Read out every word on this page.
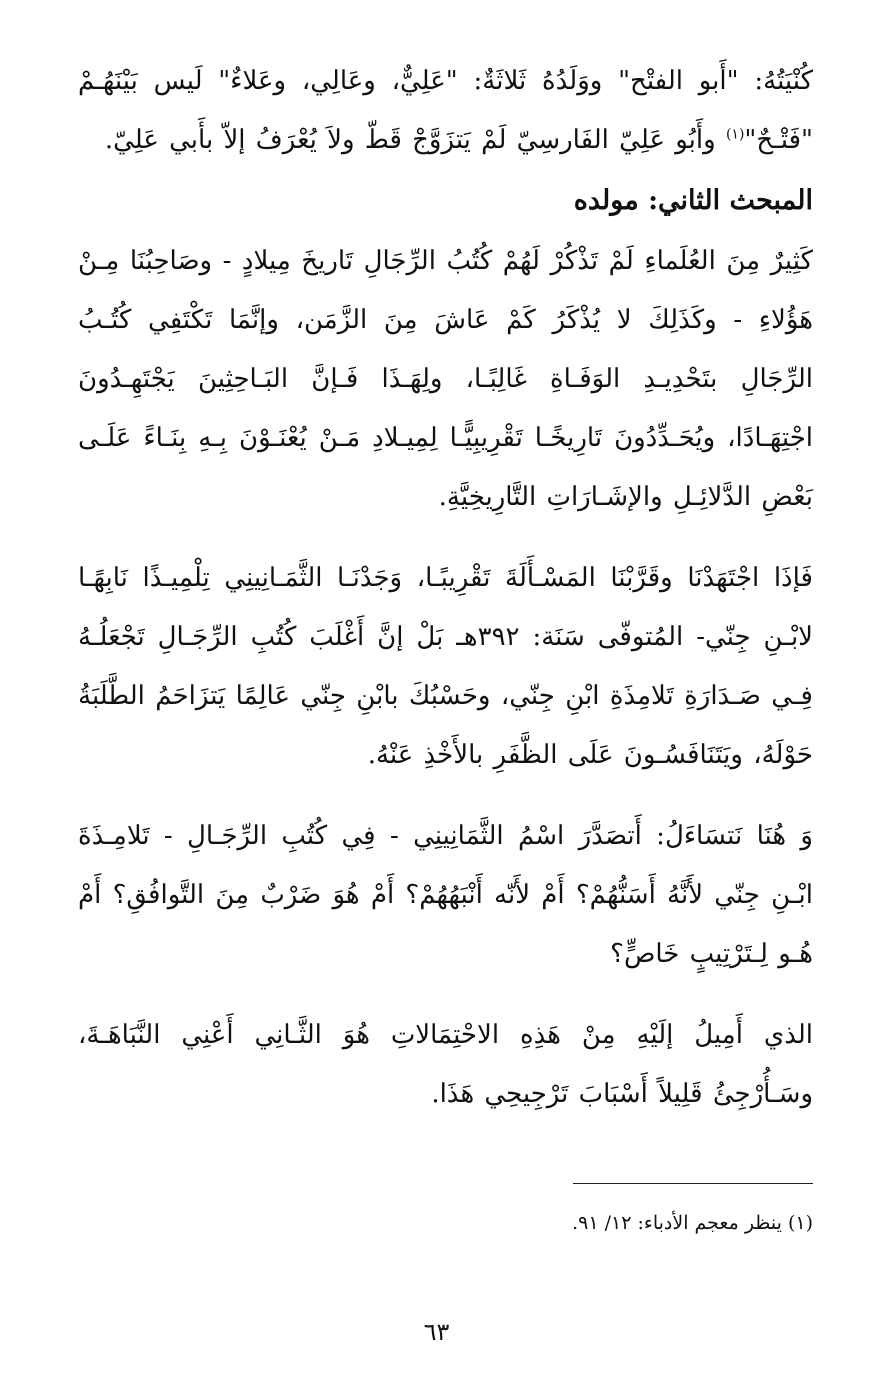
كُنْيَتُهُ: "أَبو الفتْح" ووَلَدُهُ ثَلاثَةٌ: "عَلِيٌّ، وعَالِي، وعَلاءٌ" لَيس بَيْنَهُـمْ "فَتْـحٌ"$^{(١)}$ وأَبُو عَلِيّ الفَارسِيّ لَمْ يَتزَوَّجْ قَطّ ولاَ يُعْرَفُ إلاّ بأَبي عَلِيّ.

المبحث الثاني: مولده

كَثِيرٌ مِنَ العُلَماءِ لَمْ تَذْكُرْ لَهُمْ كُتُبُ الرِّجَالِ تَاريخَ مِيلادٍ - وصَاحِبُنَا مِـنْ هَؤُلاءِ - وكَذَلِكَ لا يُذْكَرُ كَمْ عَاشَ مِنَ الزَّمَن، وإنَّمَا تَكْتَفِي كُتُـبُ الرِّجَالِ بتَحْدِيـدِ الوَفَـاةِ غَالِبًـا، ولِهَـذَا فَـإنَّ البَـاحِثِينَ يَجْتَهِـدُونَ اجْتِهَـادًا، ويُحَـدِّدُونَ تَارِيخًـا تَقْرِيبِيًّـا لِمِيـلادِ مَـنْ يُعْنَـوْنَ بِـهِ بِنَـاءً عَلَـى بَعْضِ الدَّلائِـلِ والإشَـارَاتِ التَّارِيخِيَّةِ.

فَإذَا اجْتَهَدْنَا وقَرَّبْنَا المَسْـأَلَةَ تَقْرِيبًـا، وَجَدْنَـا الثَّمَـانِينِي تِلْمِيـذًا نَابِهًـا لابْـنِ جِنّي- المُتوفّى سَنَة: ٣٩٢هـ بَلْ إنَّ أَغْلَبَ كُتُبِ الرِّجَـالِ تَجْعَلُـهُ فِـي صَـدَارَةِ تَلامِذَةِ ابْنِ جِنّي، وحَسْبُكَ بابْنِ جِنّي عَالِمًا يَتزَاحَمُ الطَّلَبَةُ حَوْلَهُ، ويَتَنَافَسُـونَ عَلَى الظَّفَرِ بالأَخْذِ عَنْهُ.

وَ هُنَا نَتسَاءَلُ: أَتصَدَّرَ اسْمُ الثَّمَانِينِي - فِي كُتُبِ الرِّجَـالِ - تَلامِـذَةَ ابْـنِ جِنّي لأَنَّهُ أَسَنُّهُمْ؟ أَمْ لأَنّه أَنْبَهُهُمْ؟ أَمْ هُوَ ضَرْبٌ مِنَ التَّوافُقِ؟ أَمْ هُـو لِـتَرْتِيبٍ خَاصٍّ؟

الذي أَمِيلُ إلَيْهِ مِنْ هَذِهِ الاحْتِمَالاتِ هُوَ الثَّـانِي أَعْنِي النَّبَاهَـةَ، وسَـأُرْجِئُ قَلِيلاً أَسْبَابَ تَرْجِيحِي هَذَا.

(١) ينظر معجم الأدباء: ١٢/ ٩١.

٦٣
